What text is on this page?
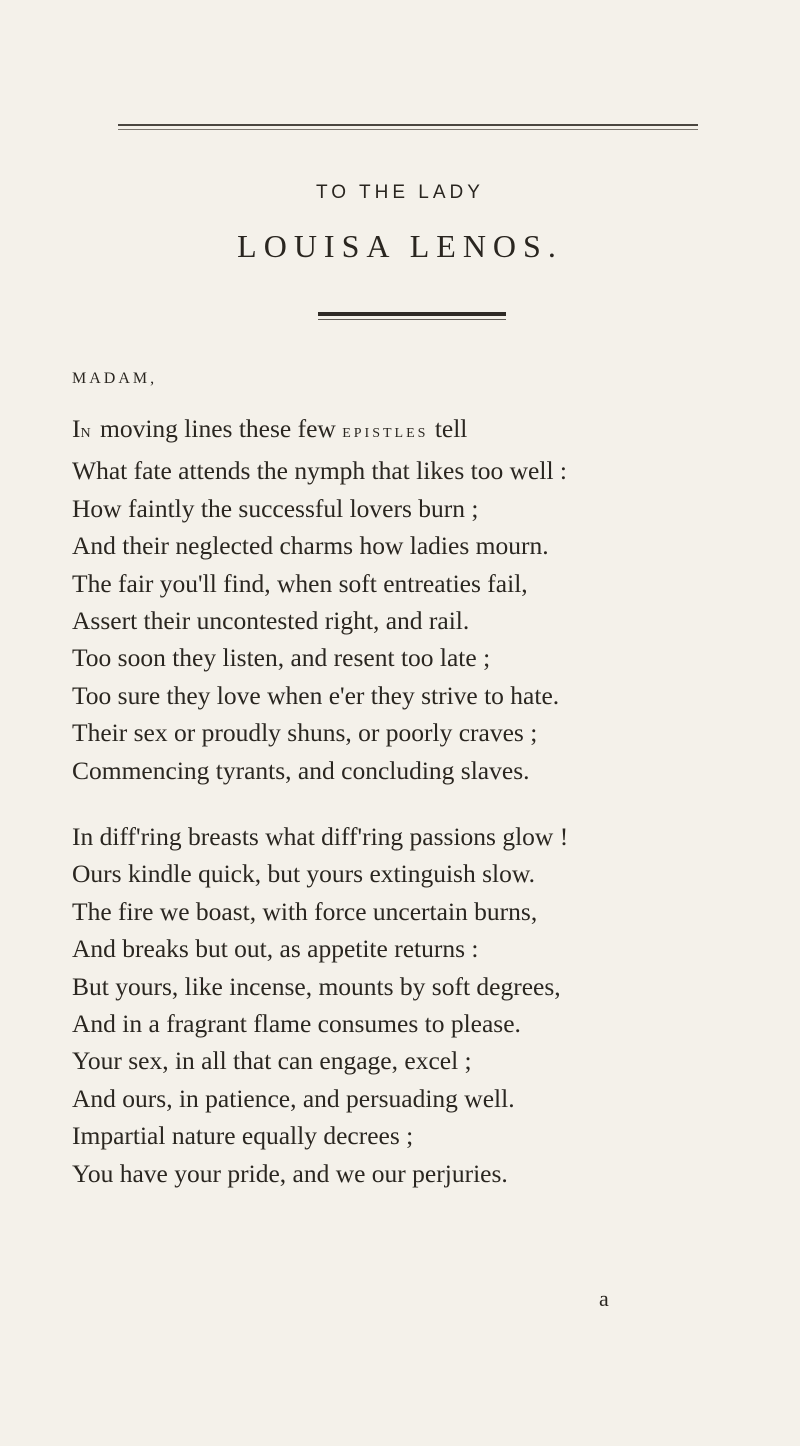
TO THE LADY
LOUISA LENOS.
MADAM,
IN moving lines these few EPISTLES tell
What fate attends the nymph that likes too well :
How faintly the successful lovers burn ;
And their neglected charms how ladies mourn.
The fair you'll find, when soft entreaties fail,
Assert their uncontested right, and rail.
Too soon they listen, and resent too late ;
Too sure they love when e'er they strive to hate.
Their sex or proudly shuns, or poorly craves ;
Commencing tyrants, and concluding slaves.
In diff'ring breasts what diff'ring passions glow !
Ours kindle quick, but yours extinguish slow.
The fire we boast, with force uncertain burns,
And breaks but out, as appetite returns :
But yours, like incense, mounts by soft degrees,
And in a fragrant flame consumes to please.
Your sex, in all that can engage, excel ;
And ours, in patience, and persuading well.
Impartial nature equally decrees ;
You have your pride, and we our perjuries.
a
